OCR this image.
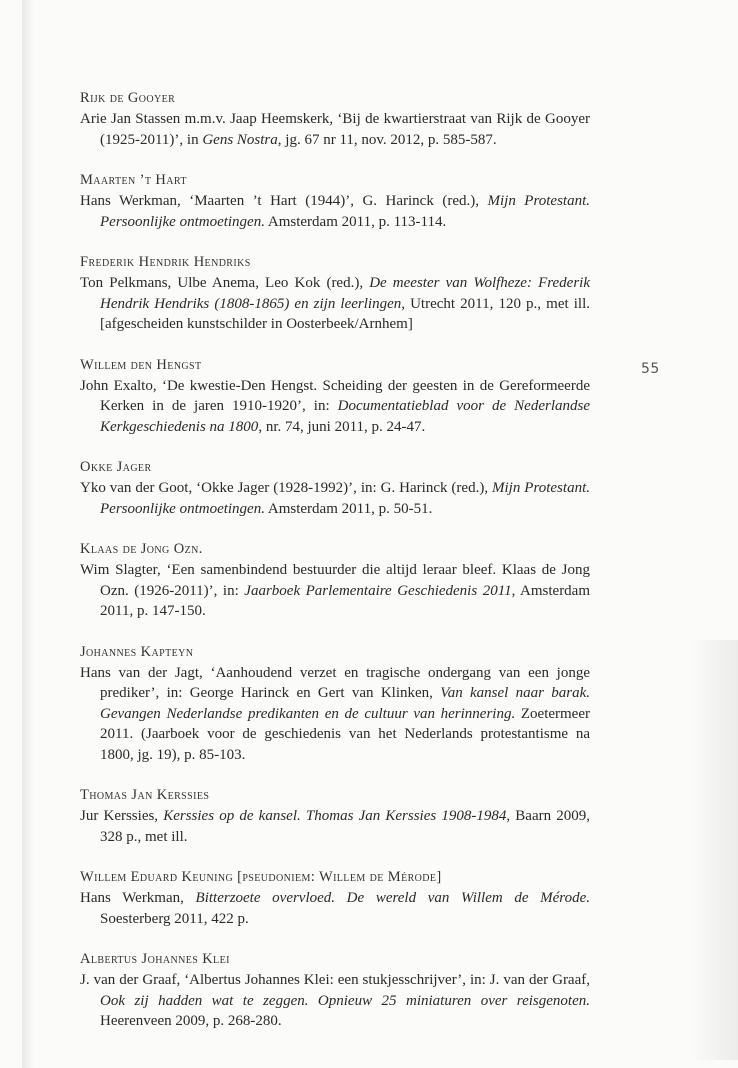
55
Rijk de Gooyer

Arie Jan Stassen m.m.v. Jaap Heemskerk, ‘Bij de kwartierstraat van Rijk de Gooyer (1925-2011)’, in Gens Nostra, jg. 67 nr 11, nov. 2012, p. 585-587.

Maarten ’t Hart

Hans Werkman, ‘Maarten ’t Hart (1944)’, G. Harinck (red.), Mijn Protestant. Persoonlijke ontmoetingen. Amsterdam 2011, p. 113-114.

Frederik Hendrik Hendriks

Ton Pelkmans, Ulbe Anema, Leo Kok (red.), De meester van Wolfheze: Frederik Hendrik Hendriks (1808-1865) en zijn leerlingen, Utrecht 2011, 120 p., met ill. [afgescheiden kunstschilder in Oosterbeek/Arnhem]

Willem den Hengst

John Exalto, ‘De kwestie-Den Hengst. Scheiding der geesten in de Gereformeerde Kerken in de jaren 1910-1920’, in: Documentatieblad voor de Nederlandse Kerkgeschiedenis na 1800, nr. 74, juni 2011, p. 24-47.

Okke Jager

Yko van der Goot, ‘Okke Jager (1928-1992)’, in: G. Harinck (red.), Mijn Protestant. Persoonlijke ontmoetingen. Amsterdam 2011, p. 50-51.

Klaas de Jong Ozn.

Wim Slagter, ‘Een samenbindend bestuurder die altijd leraar bleef. Klaas de Jong Ozn. (1926-2011)’, in: Jaarboek Parlementaire Geschiedenis 2011, Amsterdam 2011, p. 147-150.

Johannes Kapteyn

Hans van der Jagt, ‘Aanhoudend verzet en tragische ondergang van een jonge prediker’, in: George Harinck en Gert van Klinken, Van kansel naar barak. Gevangen Nederlandse predikanten en de cultuur van herinnering. Zoetermeer 2011. (Jaarboek voor de geschiedenis van het Nederlands protestantisme na 1800, jg. 19), p. 85-103.

Thomas Jan Kerssies

Jur Kerssies, Kerssies op de kansel. Thomas Jan Kerssies 1908-1984, Baarn 2009, 328 p., met ill.

Willem Eduard Keuning [pseudoniem: Willem de Mérode]

Hans Werkman, Bitterzoete overvloed. De wereld van Willem de Mérode. Soesterberg 2011, 422 p.

Albertus Johannes Klei

J. van der Graaf, ‘Albertus Johannes Klei: een stukjesschrijver’, in: J. van der Graaf, Ook zij hadden wat te zeggen. Opnieuw 25 miniaturen over reisgenoten. Heerenveen 2009, p. 268-280.
